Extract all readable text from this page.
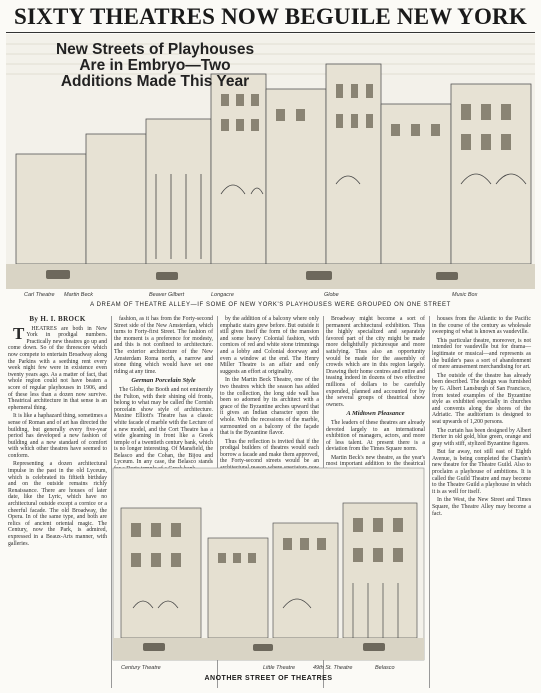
SIXTY THEATRES NOW BEGUILE NEW YORK
New Streets of Playhouses Are in Embryo—Two Additions Made This Year
Carl Theatre Martin Beck	Beaver Gilbert	Longacre	Globe	Music Box
A DREAM OF THEATRE ALLEY—IF SOME OF NEW YORK'S PLAYHOUSES WERE GROUPED ON ONE STREET
By H. I. BROCK

T HEATRES are both in New York in prodigal numbers. Practically new theatres go up and come down. So of the threescore which now compete to entertain Broadway along the Parkins with a seething rent every week night few were in existence even twenty years ago. As a matter of fact, that whole region could not have beaten a score of regular playhouses in 1906, and of these less than a dozen now survive. Theatrical architecture in that sense is an ephemeral thing.

It is like a haphazard thing, sometimes a sense of Roman and of art has directed the building, but generally every five-year period has developed a new fashion of building and a new standard of comfort with which other theatres have seemed to conform.

Representing a dozen architectural impulse in the past in the old Lyceum, which is celebrated its fiftieth birthday and on the outside remains richly Renaissance. There are houses of later date, like the Lyric, which have no architectural outside except a cornice or a cheerful facade. The old Broadway, the Opera. In of the same type, and both are relics of ancient oriental magic. The Century, now the Park, is admired, expressed in a Beaux-Arts manner, with galleries.

fashion, as it has from the Forty-second Street side of the New Amsterdam, which turns to Forty-first Street. The fashion of the moment is a preference for modesty, and this is not confined to architecture. The exterior architecture of the New Amsterdam Roma north, a narrow and stone thing which would have set one riding at any time.

German Porcelain Style

The Globe, the Booth and not eminently the Fulton, with their shining old fronts, belong to what may be called the Cornish porcelain show style of architecture. Maxine Elliott's Theatre has a classic white facade of marble with the Lecture of a new model, and the Cort Theatre has a wide gleaming in front like a Greek temple of a twentieth century bank, which is no longer interesting. Of Mansfield, the Belasco and the Cohan, the Bijou and Lyceum. In any case, the Belasco stands

by the addition of a balcony where only emphatic stairs grew before. But outside it still gives itself the form of the mansion and some heavy Colonial fashion, with cornices of red and white stone trimmings and a lobby and Colonial doorway and even a window at the end. The Henry Miller Theatre is an affair and only suggests an effort at originality.

In the Martin Beck Theatre, one of the two theatres which the season has added to the collection, the long side wall has been so adorned by its architect with a grace of the Byzantine arches upward that it gives an Indian character upon the whole. With the recessions of the marble, surmounted on a balcony of the façade that is the Byzantine flavor.

Thus the reflection is invited that if the prodigal builders of theatres would each borrow a facade and make them approved, the Forty-second streets would be an

Broadway might become a sort of permanent architectural exhibition. Thus the highly specialized and separately favored part of the city might be made more delightfully picturesque and more satisfying. Thus also an opportunity would be made for the assembly of crowds which are in this region largely. Drawing their home centres and entire and teasing indeed in dozens of two effective millions of dollars to be carefully expended, planned and accounted for by the several groups of theatrical show owners.

A Midtown Pleasance

The leaders of these theatres are already devoted largely to an international exhibition of managers, actors, and more of less talent. At present there is a deviation from the Times Square norm.

Martin Beck's new theatre, as the year's most important addition to the theatrical

houses from the Atlantic to the Pacific in the course of the century as wholesale sweeping of what is known as vaudeville.

This particular theatre, moreover, is not intended for vaudeville but for drama—legitimate or musical—and represents as the builder's pass a sort of abandonment of mere amusement merchandising for art.

The outside of the theatre has already been described. The design was furnished by G. Albert Lansburgh of San Francisco, from tested examples of the Byzantine style as exhibited especially in churches and convents along the shores of the Adriatic. The auditorium is designed to seat upwards of 1,200 persons.

The curtain has been designed by Albert Herter in old gold, blue green, orange and gray with stiff, stylized Byzantine figures.

But far away, not still east of Eighth Avenue, is being completed the Chanin's new theatre for the Theatre Guild. Also to proclaim a playhouse of ambitions. It is called the Guild Theatre and may become to the Theatre Guild a playhouse in which it is as well for itself.

In the West, the New Street and Times Square, the Theatre Alley may become a fact.

Century Theatre	Little Theatre	49th St. Theatre	Belasco
ANOTHER STREET OF THEATRES
